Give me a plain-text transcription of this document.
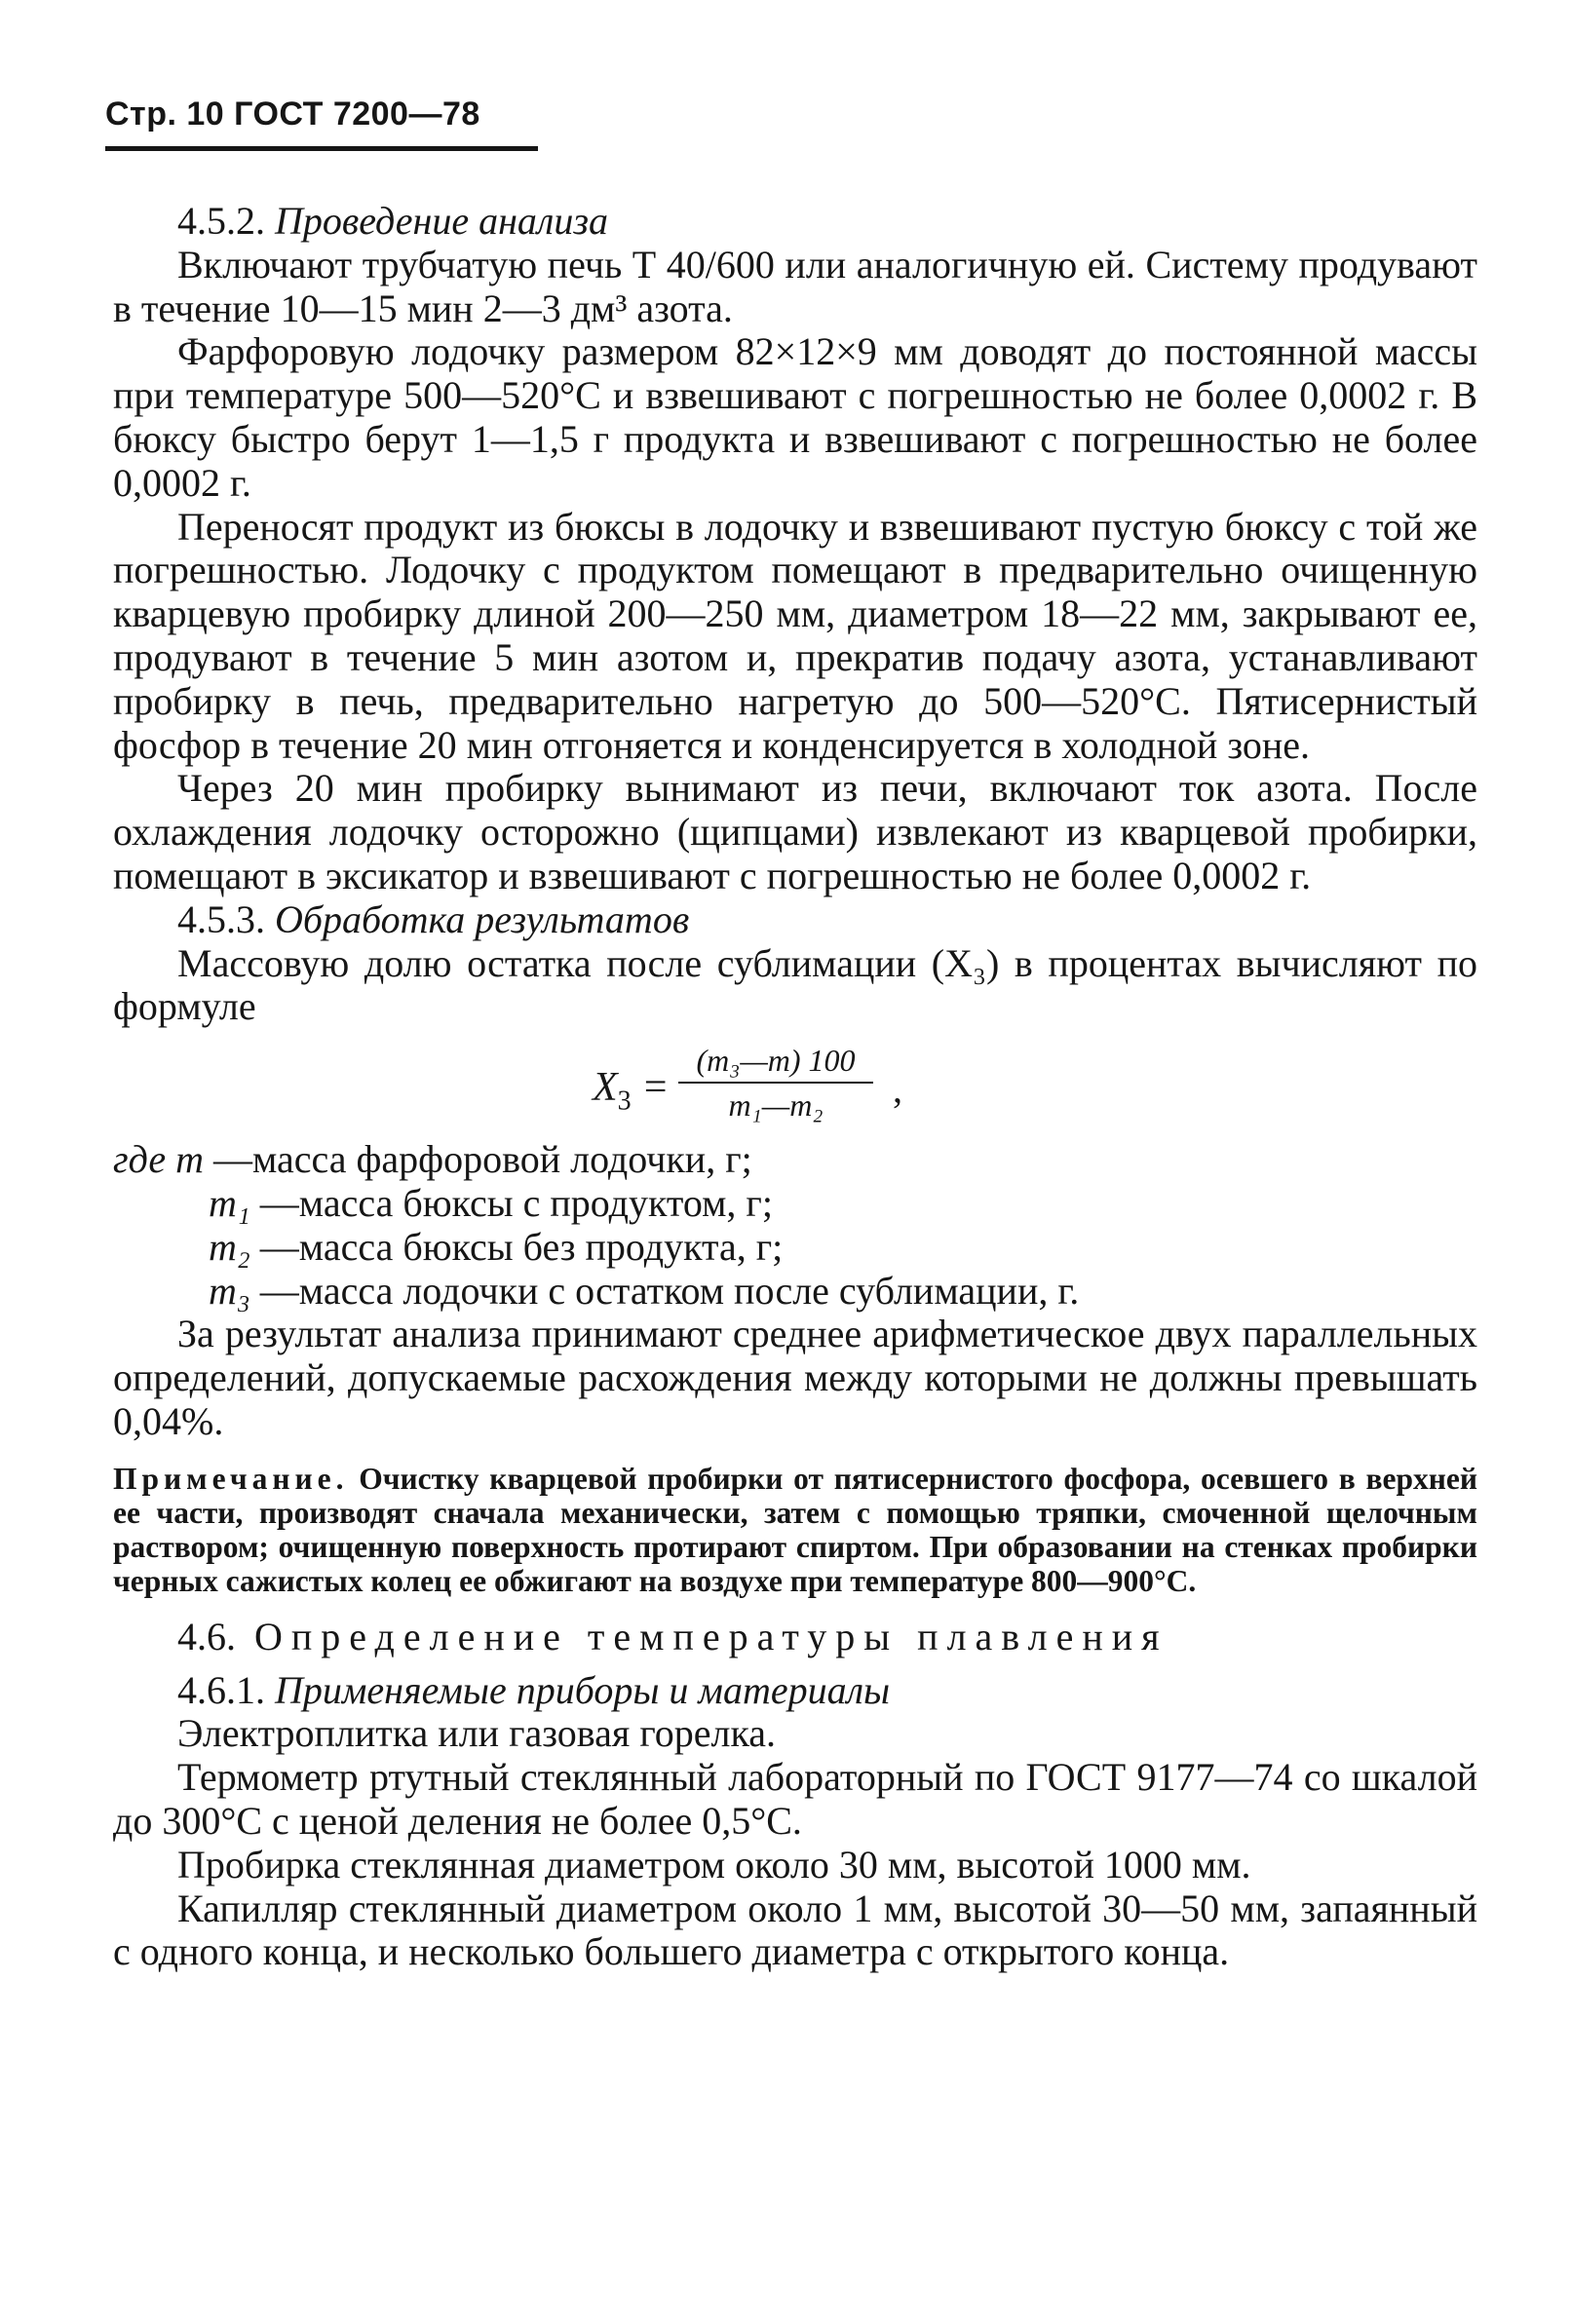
Стр. 10 ГОСТ 7200—78

4.5.2. Проведение анализа

Включают трубчатую печь Т 40/600 или аналогичную ей. Систему продувают в течение 10—15 мин 2—3 дм³ азота.

Фарфоровую лодочку размером 82×12×9 мм доводят до постоянной массы при температуре 500—520°С и взвешивают с погрешностью не более 0,0002 г. В бюксу быстро берут 1—1,5 г продукта и взвешивают с погрешностью не более 0,0002 г.

Переносят продукт из бюксы в лодочку и взвешивают пустую бюксу с той же погрешностью. Лодочку с продуктом помещают в предварительно очищенную кварцевую пробирку длиной 200—250 мм, диаметром 18—22 мм, закрывают ее, продувают в течение 5 мин азотом и, прекратив подачу азота, устанавливают пробирку в печь, предварительно нагретую до 500—520°С. Пятисернистый фосфор в течение 20 мин отгоняется и конденсируется в холодной зоне.

Через 20 мин пробирку вынимают из печи, включают ток азота. После охлаждения лодочку осторожно (щипцами) извлекают из кварцевой пробирки, помещают в эксикатор и взвешивают с погрешностью не более 0,0002 г.

4.5.3. Обработка результатов

Массовую долю остатка после сублимации (X₃) в процентах вычисляют по формуле

$X_3$ =
(m₃—m) 100
m₁—m₂	,
где m
—масса фарфоровой лодочки, г;
m₁
—масса бюксы с продуктом, г;
m₂
—масса бюксы без продукта, г;
m₃
—масса лодочки с остатком после сублимации, г.

За результат анализа принимают среднее арифметическое двух параллельных определений, допускаемые расхождения между которыми не должны превышать 0,04%.

Примечание. Очистку кварцевой пробирки от пятисернистого фосфора, осевшего в верхней ее части, производят сначала механически, затем с помощью тряпки, смоченной щелочным раствором; очищенную поверхность протирают спиртом. При образовании на стенках пробирки черных сажистых колец ее обжигают на воздухе при температуре 800—900°С.

4.6. Определение температуры плавления

4.6.1. Применяемые приборы и материалы

Электроплитка или газовая горелка.

Термометр ртутный стеклянный лабораторный по ГОСТ 9177—74 со шкалой до 300°С с ценой деления не более 0,5°С.

Пробирка стеклянная диаметром около 30 мм, высотой 1000 мм.

Капилляр стеклянный диаметром около 1 мм, высотой 30—50 мм, запаянный с одного конца, и несколько большего диаметра с открытого конца.
